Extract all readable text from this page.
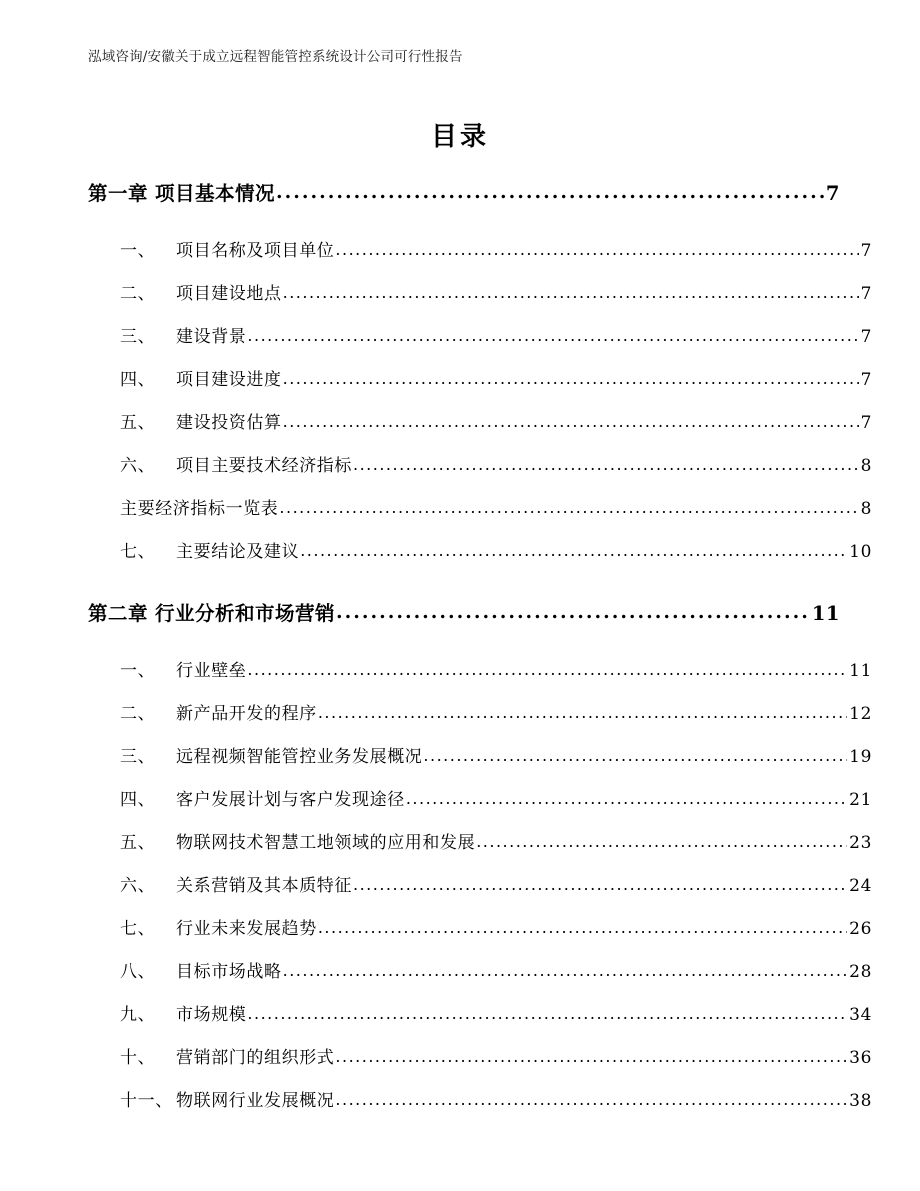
泓域咨询/安徽关于成立远程智能管控系统设计公司可行性报告
目录
第一章 项目基本情况 .....	7
一、	项目名称及项目单位 .....	7
二、	项目建设地点 .....	7
三、	建设背景 .....	7
四、	项目建设进度 .....	7
五、	建设投资估算 .....	7
六、	项目主要技术经济指标 .....	8
主要经济指标一览表 .....	8
七、	主要结论及建议 .....	10
第二章 行业分析和市场营销 .....	11
一、	行业壁垒 .....	11
二、	新产品开发的程序 .....	12
三、	远程视频智能管控业务发展概况 .....	19
四、	客户发展计划与客户发现途径 .....	21
五、	物联网技术智慧工地领域的应用和发展 .....	23
六、	关系营销及其本质特征 .....	24
七、	行业未来发展趋势 .....	26
八、	目标市场战略 .....	28
九、	市场规模 .....	34
十、	营销部门的组织形式 .....	36
十一、 物联网行业发展概况 .....	38
